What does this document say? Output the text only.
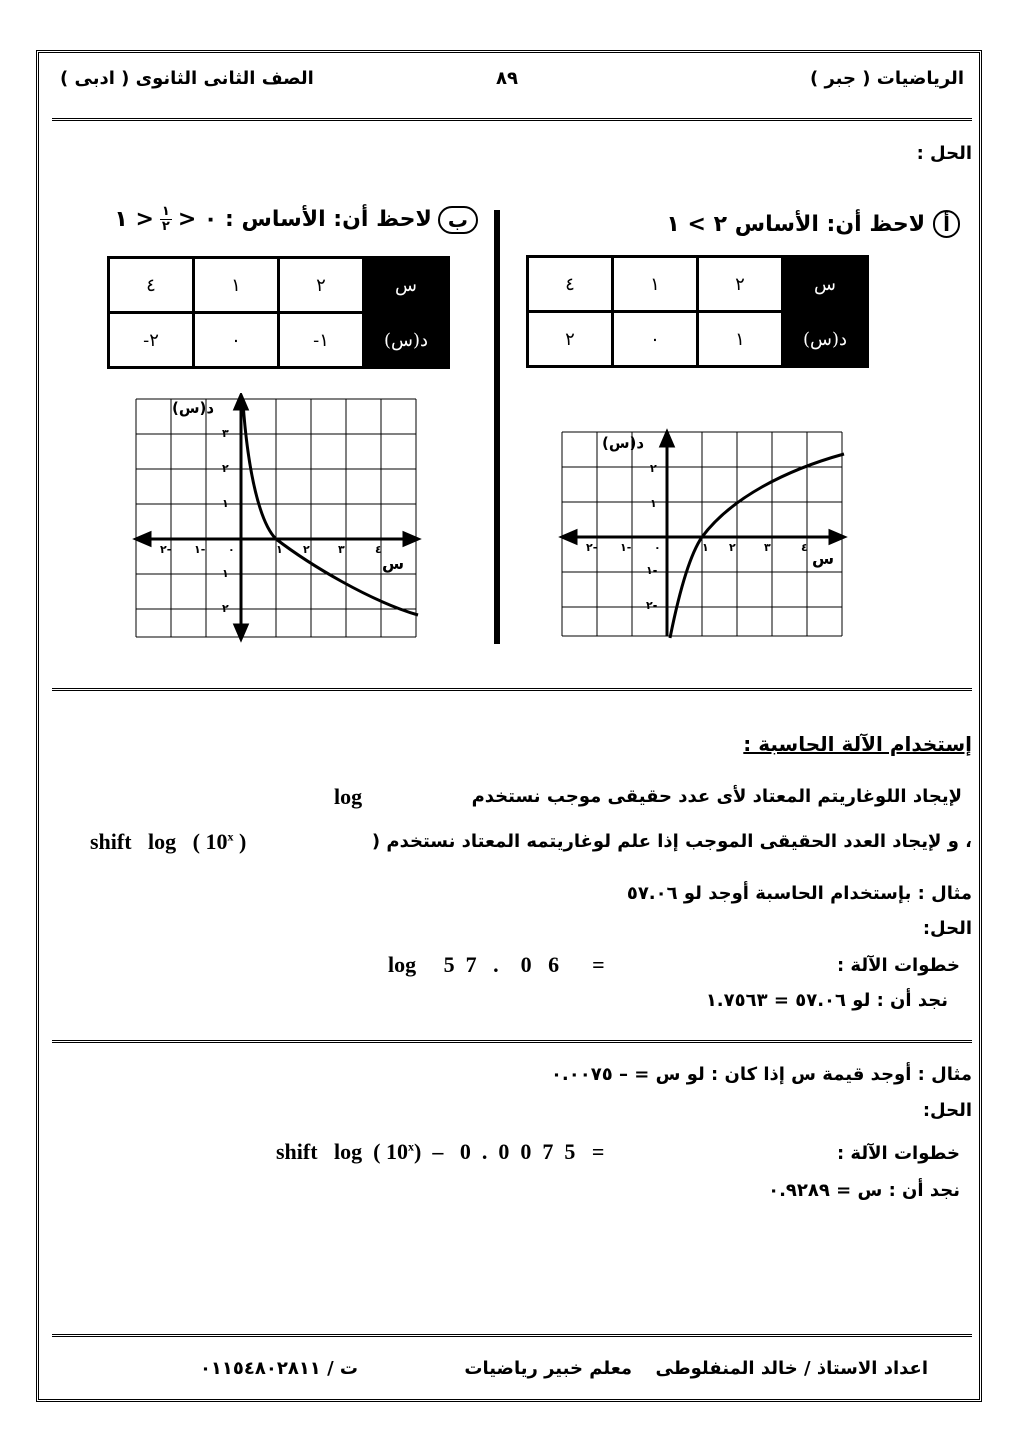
الرياضيات ( جبر )
٨٩
الصف الثانى الثانوى ( ادبى )
الحل :
أ
لاحظ أن: الأساس ٢ > ١
س	٢	١	٤
د(س)	١	٠	٢
ب
لاحظ أن: الأساس : ٠ <
١
٢
< ١
س	٢	١	٤
د(س)	١-	٠	٢-
د(س)
س
٢- ١- ٠	١ ٢	٣	٤
٣
٢
١
١
٢
د(س)
س
٢- ١- ٠	١ ٢	٣	٤
٢
١
١-
٢-
إستخدام الآلة الحاسبة :
لإيجاد اللوغاريتم المعتاد لأى عدد حقيقى موجب نستخدم
log
، و لإيجاد العدد الحقيقى الموجب إذا علم لوغاريتمه المعتاد نستخدم (
shift   log   ( 10$^x$ )
مثال : بإستخدام الحاسبة أوجد لو ٥٧.٠٦
الحل:
خطوات الآلة :
log     5  7   .    0   6      =
نجد أن : لو ٥٧.٠٦ = ١.٧٥٦٣
مثال : أوجد قيمة س إذا كان : لو س = – ٠.٠٠٧٥
الحل:
خطوات الآلة :
shift   log  ( 10$^x$)  –   0  .  0  0  7  5   =
نجد أن : س = ٠.٩٢٨٩
اعداد الاستاذ / خالد المنفلوطى
معلم خبير رياضيات
ت / ٠١١٥٤٨٠٢٨١١
